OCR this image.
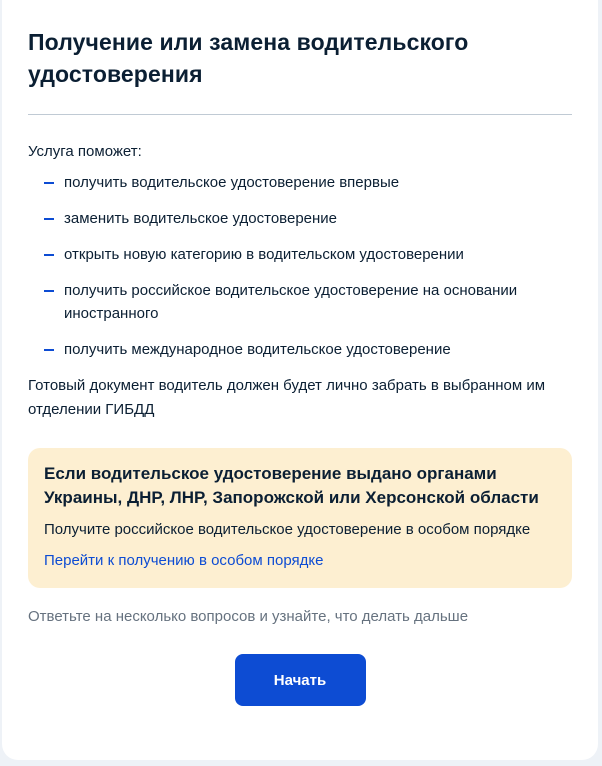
Получение или замена водительского удостоверения
Услуга поможет:
получить водительское удостоверение впервые
заменить водительское удостоверение
открыть новую категорию в водительском удостоверении
получить российское водительское удостоверение на основании иностранного
получить международное водительское удостоверение
Готовый документ водитель должен будет лично забрать в выбранном им отделении ГИБДД

Если водительское удостоверение выдано органами Украины, ДНР, ЛНР, Запорожской или Херсонской области

Получите российское водительское удостоверение в особом порядке
Перейти к получению в особом порядке
Ответьте на несколько вопросов и узнайте, что делать дальше
Начать
